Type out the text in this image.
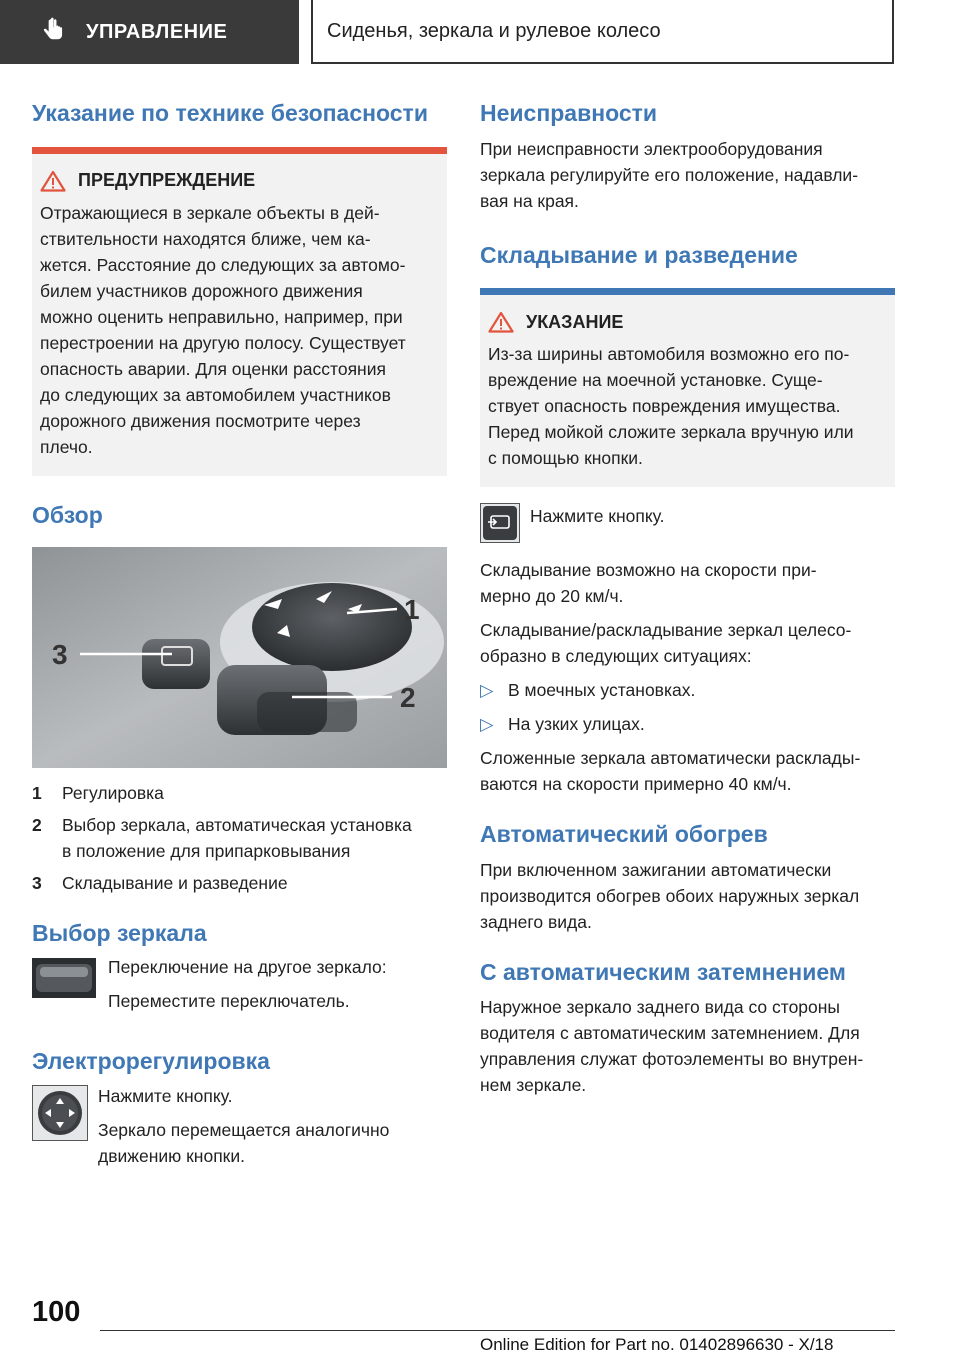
УПРАВЛЕНИЕ	Сиденья, зеркала и рулевое колесо
Указание по технике безопасности
ПРЕДУПРЕЖДЕНИЕ

Отражающиеся в зеркале объекты в дей-

ствительности находятся ближе, чем ка-

жется. Расстояние до следующих за автомо-

билем участников дорожного движения

можно оценить неправильно, например, при

перестроении на другую полосу. Существует

опасность аварии. Для оценки расстояния

до следующих за автомобилем участников

дорожного движения посмотрите через

плечо.

Обзор
1
2
3
1	Регулировка
2	Выбор зеркала, автоматическая установка
в положение для припарковывания
3	Складывание и разведение
Выбор зеркала

Переключение на другое зеркало:

Переместите переключатель.

Электрорегулировка

Нажмите кнопку.

Зеркало перемещается аналогично

движению кнопки.

Неисправности

При неисправности электрооборудования

зеркала регулируйте его положение, надавли-

вая на края.

Складывание и разведение
УКАЗАНИЕ

Из-за ширины автомобиля возможно его по-

вреждение на моечной установке. Суще-

ствует опасность повреждения имущества.

Перед мойкой сложите зеркала вручную или

с помощью кнопки.

Нажмите кнопку.

Складывание возможно на скорости при-

мерно до 20 км/ч.

Складывание/раскладывание зеркал целесо-

образно в следующих ситуациях:

▷ В моечных установках.
▷ На узких улицах.

Сложенные зеркала автоматически расклады-

ваются на скорости примерно 40 км/ч.

Автоматический обогрев

При включенном зажигании автоматически

производится обогрев обоих наружных зеркал

заднего вида.

С автоматическим затемнением

Наружное зеркало заднего вида со стороны

водителя с автоматическим затемнением. Для

управления служат фотоэлементы во внутрен-

нем зеркале.

100
Online Edition for Part no. 01402896630 - X/18
